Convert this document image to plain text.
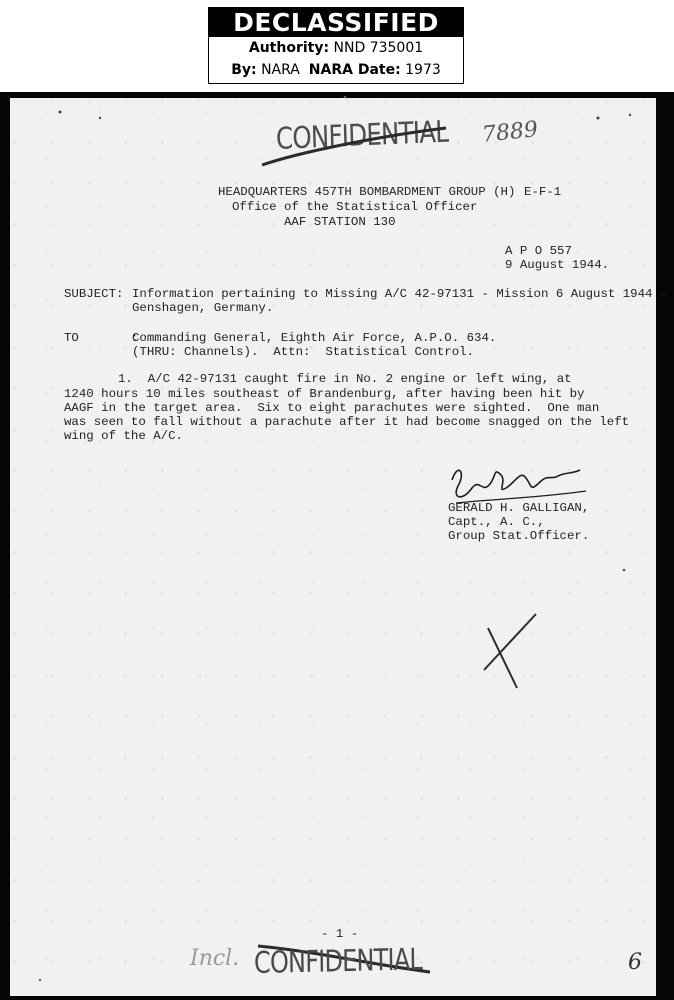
DECLASSIFIED
Authority: NND 735001
By: NARA NARA Date: 1973
CONFIDENTIAL 7889
HEADQUARTERS 457TH BOMBARDMENT GROUP (H) E-F-1
Office of the Statistical Officer
AAF STATION 130
A P O 557
9 August 1944.
SUBJECT: Information pertaining to Missing A/C 42-97131 - Mission 6 August 1944 -
Genshagen, Germany.
TO       :
Commanding General, Eighth Air Force, A.P.O. 634.
(THRU: Channels).  Attn:  Statistical Control.
1.  A/C 42-97131 caught fire in No. 2 engine or left wing, at
1240 hours 10 miles southeast of Brandenburg, after having been hit by
AAGF in the target area.  Six to eight parachutes were sighted.  One man
was seen to fall without a parachute after it had become snagged on the left
wing of the A/C.
GERALD H. GALLIGAN,
Capt., A. C.,
Group Stat.Officer.
- 1 -
Incl. CONFIDENTIAL	6
